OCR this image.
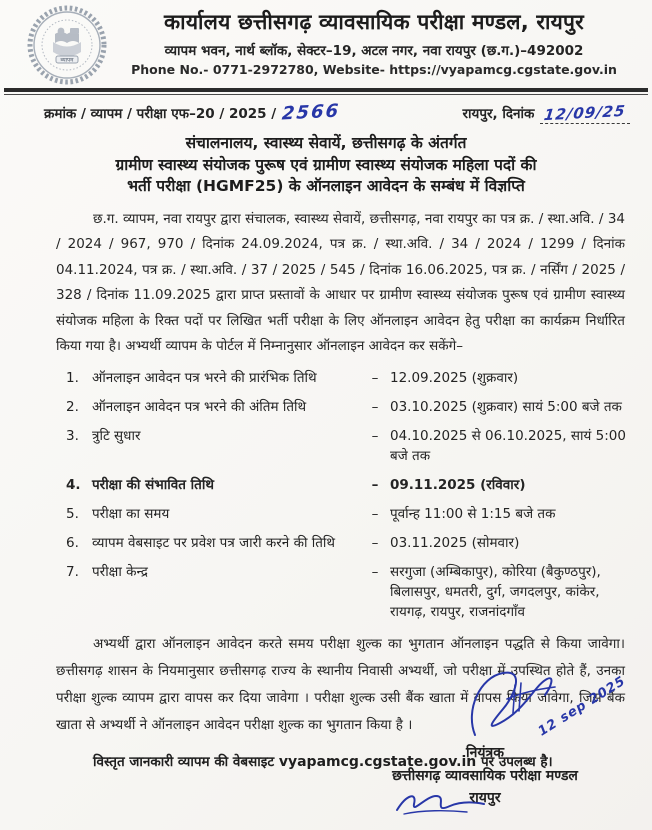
व्यापम
कार्यालय छत्तीसगढ़ व्यावसायिक परीक्षा मण्डल, रायपुर
व्यापम भवन, नार्थ ब्लॉक, सेक्टर–19, अटल नगर, नवा रायपुर (छ.ग.)–492002
Phone No.- 0771-2972780, Website- https://vyapamcg.cgstate.gov.in
क्रमांक / व्यापम / परीक्षा एफ–20 / 2025 / 2566	रायपुर, दिनांक 12/09/25
संचालनालय, स्वास्थ्य सेवायें, छत्तीसगढ़ के अंतर्गत
ग्रामीण स्वास्थ्य संयोजक पुरूष एवं ग्रामीण स्वास्थ्य संयोजक महिला पदों की
भर्ती परीक्षा (HGMF25) के ऑनलाइन आवेदन के सम्बंध में विज्ञप्ति

छ.ग. व्यापम, नवा रायपुर द्वारा संचालक, स्वास्थ्य सेवायें, छत्तीसगढ़, नवा रायपुर का पत्र क्र. / स्था.अवि. / 34 / 2024 / 967, 970 / दिनांक 24.09.2024, पत्र क्र. / स्था.अवि. / 34 / 2024 / 1299 / दिनांक 04.11.2024, पत्र क्र. / स्था.अवि. / 37 / 2025 / 545 / दिनांक 16.06.2025, पत्र क्र. / नर्सिंग / 2025 / 328 / दिनांक 11.09.2025 द्वारा प्राप्त प्रस्तावों के आधार पर ग्रामीण स्वास्थ्य संयोजक पुरूष एवं ग्रामीण स्वास्थ्य संयोजक महिला के रिक्त पदों पर लिखित भर्ती परीक्षा के लिए ऑनलाइन आवेदन हेतु परीक्षा का कार्यक्रम निर्धारित किया गया है। अभ्यर्थी व्यापम के पोर्टल में निम्नानुसार ऑनलाइन आवेदन कर सकेंगे–

1. ऑनलाइन आवेदन पत्र भरने की प्रारंभिक तिथि	– 12.09.2025 (शुक्रवार)
2. ऑनलाइन आवेदन पत्र भरने की अंतिम तिथि	– 03.10.2025 (शुक्रवार) सायं 5:00 बजे तक
3. त्रुटि सुधार	– 04.10.2025 से 06.10.2025, सायं 5:00 बजे तक
4. परीक्षा की संभावित तिथि	– 09.11.2025 (रविवार)
5. परीक्षा का समय	– पूर्वान्ह 11:00 से 1:15 बजे तक
6. व्यापम वेबसाइट पर प्रवेश पत्र जारी करने की तिथि	– 03.11.2025 (सोमवार)
7. परीक्षा केन्द्र	– सरगुजा (अम्बिकापुर), कोरिया (बैकुण्ठपुर), बिलासपुर, धमतरी, दुर्ग, जगदलपुर, कांकेर, रायगढ़, रायपुर, राजनांदगाँव

अभ्यर्थी द्वारा ऑनलाइन आवेदन करते समय परीक्षा शुल्क का भुगतान ऑनलाइन पद्धति से किया जावेगा। छत्तीसगढ़ शासन के नियमानुसार छत्तीसगढ़ राज्य के स्थानीय निवासी अभ्यर्थी, जो परीक्षा में उपस्थित होते हैं, उनका परीक्षा शुल्क व्यापम द्वारा वापस कर दिया जावेगा । परीक्षा शुल्क उसी बैंक खाता में वापस किया जावेगा, जिस बैंक खाता से अभ्यर्थी ने ऑनलाइन आवेदन परीक्षा शुल्क का भुगतान किया है ।

विस्तृत जानकारी व्यापम की वेबसाइट vyapamcg.cgstate.gov.in पर उपलब्ध है।

12 sep 2025
नियंत्रक
छत्तीसगढ़ व्यावसायिक परीक्षा मण्डल
रायपुर
